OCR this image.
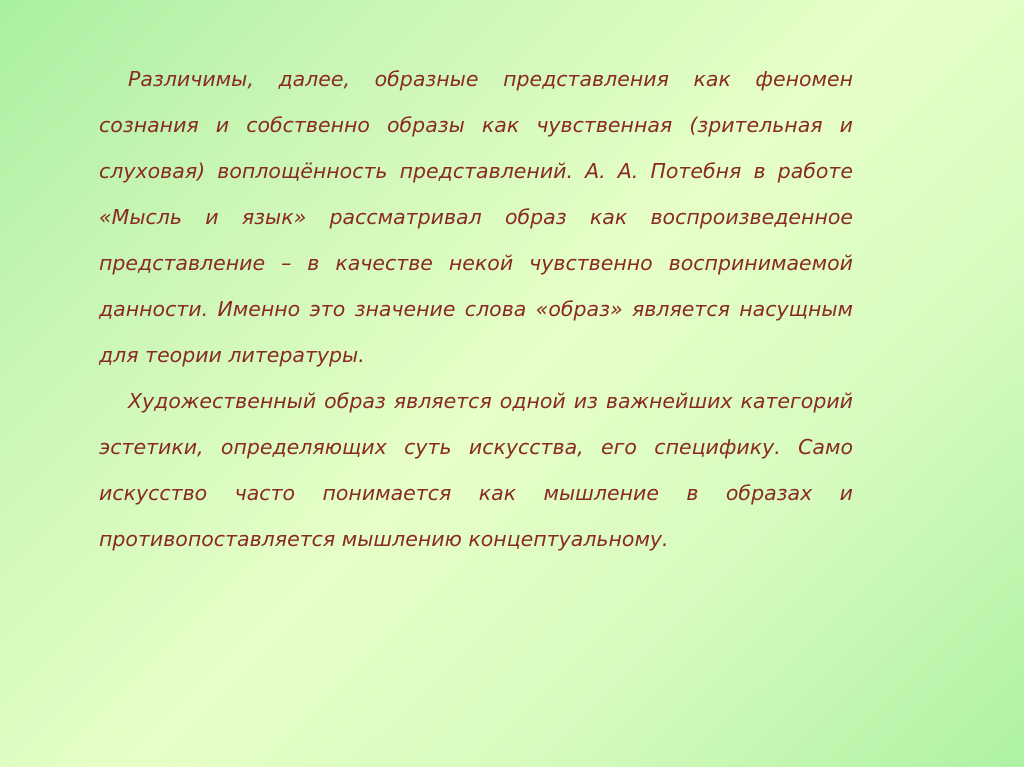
Различимы, далее, образные представления как феномен сознания и собственно образы как чувственная (зрительная и слуховая) воплощённость представлений. А. А. Потебня в работе «Мысль и язык» рассматривал образ как воспроизведенное представление – в качестве некой чувственно воспринимаемой данности. Именно это значение слова «образ» является насущным для теории литературы.

Художественный образ является одной из важнейших категорий эстетики, определяющих суть искусства, его специфику. Само искусство часто понимается как мышление в образах и противопоставляется мышлению концептуальному.
